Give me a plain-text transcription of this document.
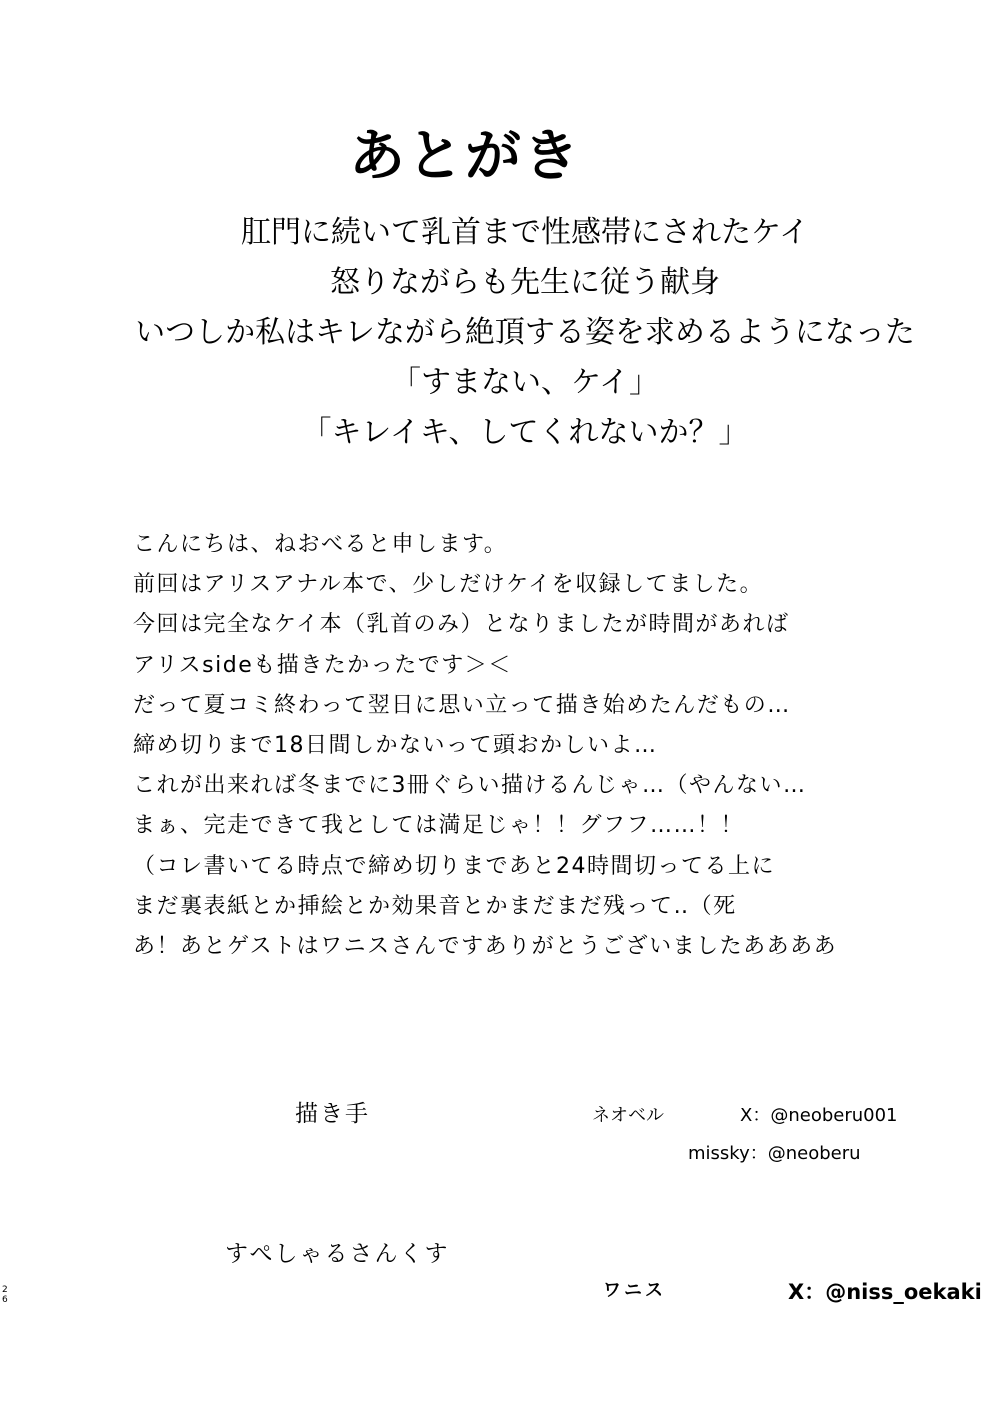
あとがき
肛門に続いて乳首まで性感帯にされたケイ
怒りながらも先生に従う献身
いつしか私はキレながら絶頂する姿を求めるようになった
「すまない、ケイ」
「キレイキ、してくれないか？」
こんにちは、ねおべると申します。
前回はアリスアナル本で、少しだけケイを収録してました。
今回は完全なケイ本（乳首のみ）となりましたが時間があれば
アリスsideも描きたかったです＞＜
だって夏コミ終わって翌日に思い立って描き始めたんだもの…
締め切りまで18日間しかないって頭おかしいよ…
これが出来れば冬までに3冊ぐらい描けるんじゃ…（やんない…
まぁ、完走できて我としては満足じゃ！！グフフ……！！
（コレ書いてる時点で締め切りまであと24時間切ってる上に
まだ裏表紙とか挿絵とか効果音とかまだまだ残って‥（死
あ！あとゲストはワニスさんですありがとうございましたああああ
描き手	ネオベル	X：@neoberu001
missky：@neoberu
すぺしゃるさんくす
ワニス	X：@niss_oekaki
26
